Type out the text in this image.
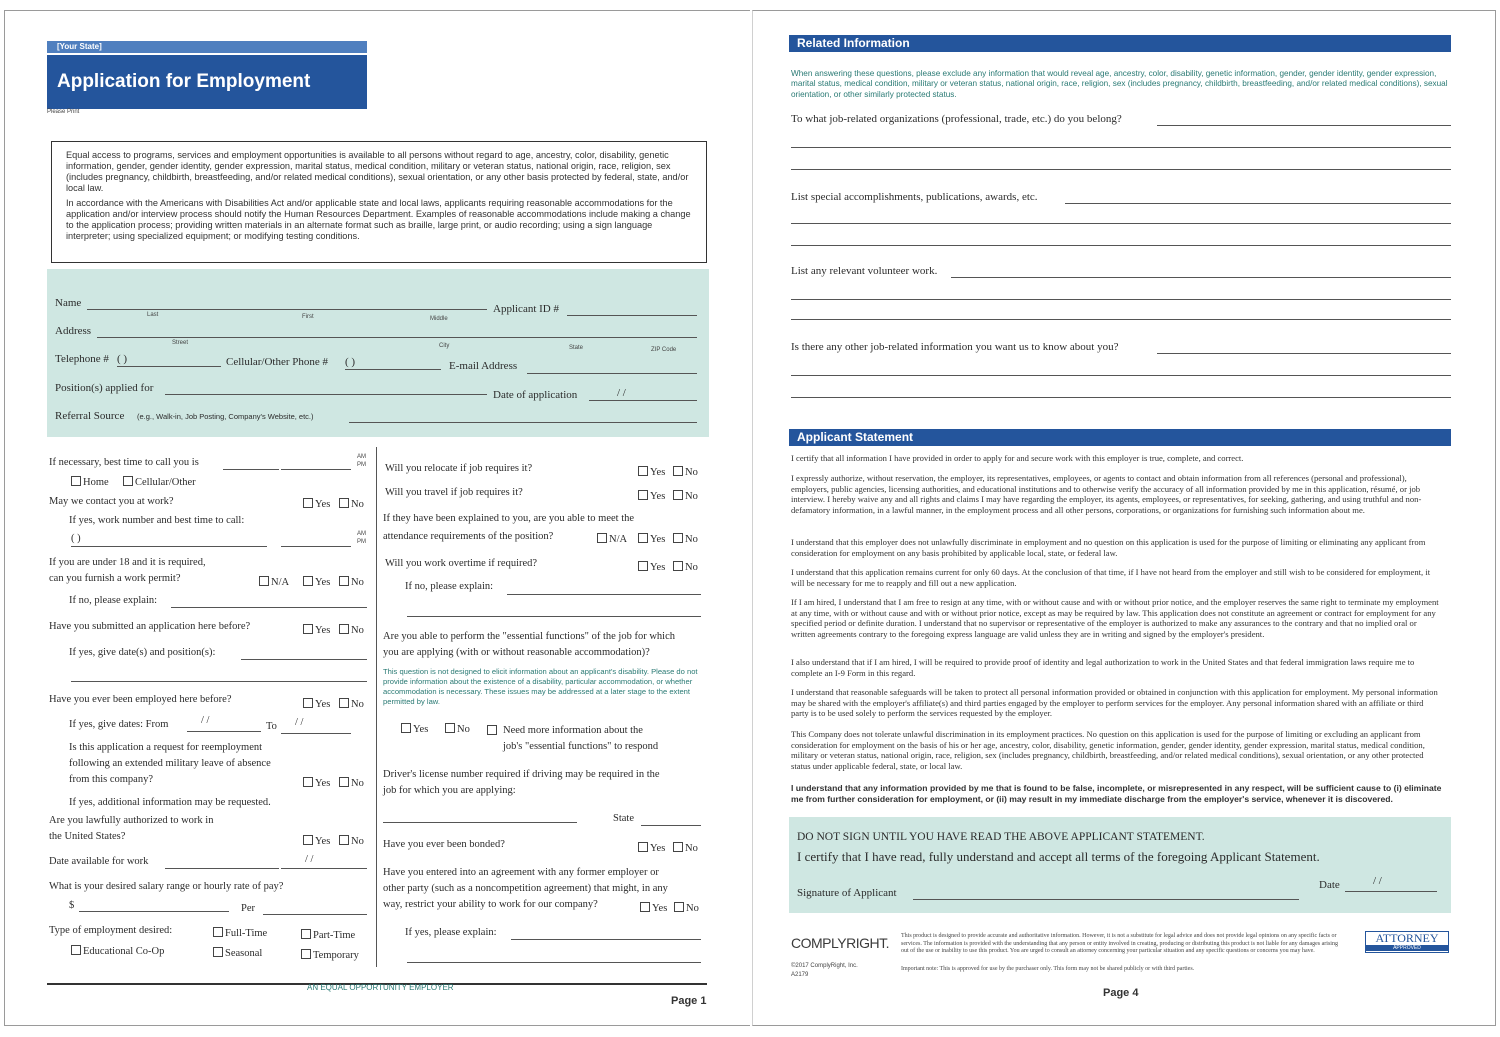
[Your State]
Application for Employment
Please Print

Equal access to programs, services and employment opportunities is available to all persons without regard to age, ancestry, color, disability, genetic information, gender, gender identity, gender expression, marital status, medical condition, military or veteran status, national origin, race, religion, sex (includes pregnancy, childbirth, breastfeeding, and/or related medical conditions), sexual orientation, or any other basis protected by federal, state, and/or local law.

In accordance with the Americans with Disabilities Act and/or applicable state and local laws, applicants requiring reasonable accommodations for the application and/or interview process should notify the Human Resources Department. Examples of reasonable accommodations include making a change to the application process; providing written materials in an alternate format such as braille, large print, or audio recording; using a sign language interpreter; using specialized equipment; or modifying testing conditions.

Name
Last	First	Middle
Applicant ID #
Address
Street	City	State	ZIP Code
Telephone # ( )	Cellular/Other Phone # ( )	E-mail Address
Position(s) applied for
Date of application	/ /
Referral Source (e.g., Walk-in, Job Posting, Company's Website, etc.)
If necessary, best time to call you is	AM
PM
Home	Cellular/Other
May we contact you at work?	Yes	No
If yes, work number and best time to call:
( )	AM
PM
If you are under 18 and it is required,
can you furnish a work permit?	N/A	Yes	No
If no, please explain:
Have you submitted an application here before?	Yes	No
If yes, give date(s) and position(s):
Have you ever been employed here before?	Yes	No
If yes, give dates: From	/ /
To / /
Is this application a request for reemployment
following an extended military leave of absence
from this company?	Yes	No
If yes, additional information may be requested.
Are you lawfully authorized to work in
the United States?	Yes	No
Date available for work	/ /
What is your desired salary range or hourly rate of pay?
$	Per
Type of employment desired:	Full-Time	Part-Time
Educational Co-Op	Seasonal	Temporary
Will you relocate if job requires it?	Yes	No
Will you travel if job requires it?	Yes	No
If they have been explained to you, are you able to meet the
attendance requirements of the position?	N/A	Yes	No
Will you work overtime if required?	Yes	No
If no, please explain:
Are you able to perform the "essential functions" of the job for which
you are applying (with or without reasonable accommodation)?
This question is not designed to elicit information about an applicant's disability. Please do not provide information about the existence of a disability, particular accommodation, or whether accommodation is necessary. These issues may be addressed at a later stage to the extent permitted by law.
Yes	No	Need more information about the
job's "essential functions" to respond
Driver's license number required if driving may be required in the
job for which you are applying:
State
Have you ever been bonded?	Yes	No
Have you entered into an agreement with any former employer or
other party (such as a noncompetition agreement) that might, in any
way, restrict your ability to work for our company?	Yes	No
If yes, please explain:
AN EQUAL OPPORTUNITY EMPLOYER
Page 1
Related Information
When answering these questions, please exclude any information that would reveal age, ancestry, color, disability, genetic information, gender, gender identity, gender expression, marital status, medical condition, military or veteran status, national origin, race, religion, sex (includes pregnancy, childbirth, breastfeeding, and/or related medical conditions), sexual orientation, or other similarly protected status.
To what job-related organizations (professional, trade, etc.) do you belong?
List special accomplishments, publications, awards, etc.
List any relevant volunteer work.
Is there any other job-related information you want us to know about you?
Applicant Statement
I certify that all information I have provided in order to apply for and secure work with this employer is true, complete, and correct.
I expressly authorize, without reservation, the employer, its representatives, employees, or agents to contact and obtain information from all references (personal and professional), employers, public agencies, licensing authorities, and educational institutions and to otherwise verify the accuracy of all information provided by me in this application, résumé, or job interview. I hereby waive any and all rights and claims I may have regarding the employer, its agents, employees, or representatives, for seeking, gathering, and using truthful and non-defamatory information, in a lawful manner, in the employment process and all other persons, corporations, or organizations for furnishing such information about me.
I understand that this employer does not unlawfully discriminate in employment and no question on this application is used for the purpose of limiting or eliminating any applicant from consideration for employment on any basis prohibited by applicable local, state, or federal law.
I understand that this application remains current for only 60 days. At the conclusion of that time, if I have not heard from the employer and still wish to be considered for employment, it will be necessary for me to reapply and fill out a new application.
If I am hired, I understand that I am free to resign at any time, with or without cause and with or without prior notice, and the employer reserves the same right to terminate my employment at any time, with or without cause and with or without prior notice, except as may be required by law. This application does not constitute an agreement or contract for employment for any specified period or definite duration. I understand that no supervisor or representative of the employer is authorized to make any assurances to the contrary and that no implied oral or written agreements contrary to the foregoing express language are valid unless they are in writing and signed by the employer's president.
I also understand that if I am hired, I will be required to provide proof of identity and legal authorization to work in the United States and that federal immigration laws require me to complete an I-9 Form in this regard.
I understand that reasonable safeguards will be taken to protect all personal information provided or obtained in conjunction with this application for employment. My personal information may be shared with the employer's affiliate(s) and third parties engaged by the employer to perform services for the employer. Any personal information shared with an affiliate or third party is to be used solely to perform the services requested by the employer.
This Company does not tolerate unlawful discrimination in its employment practices. No question on this application is used for the purpose of limiting or excluding an applicant from consideration for employment on the basis of his or her age, ancestry, color, disability, genetic information, gender, gender identity, gender expression, marital status, medical condition, military or veteran status, national origin, race, religion, sex (includes pregnancy, childbirth, breastfeeding, and/or related medical conditions), sexual orientation, or any other protected status under applicable federal, state, or local law.
I understand that any information provided by me that is found to be false, incomplete, or misrepresented in any respect, will be sufficient cause to (i) eliminate me from further consideration for employment, or (ii) may result in my immediate discharge from the employer's service, whenever it is discovered.
DO NOT SIGN UNTIL YOU HAVE READ THE ABOVE APPLICANT STATEMENT.
I certify that I have read, fully understand and accept all terms of the foregoing Applicant Statement.
Signature of Applicant
Date	/ /
COMPLYRIGHT.
©2017 ComplyRight, Inc.
A2179
This product is designed to provide accurate and authoritative information. However, it is not a substitute for legal advice and does not provide legal opinions on any specific facts or services. The information is provided with the understanding that any person or entity involved in creating, producing or distributing this product is not liable for any damages arising out of the use or inability to use this product. You are urged to consult an attorney concerning your particular situation and any specific questions or concerns you may have.
Important note: This is approved for use by the purchaser only. This form may not be shared publicly or with third parties.
ATTORNEY
APPROVED
Page 4
